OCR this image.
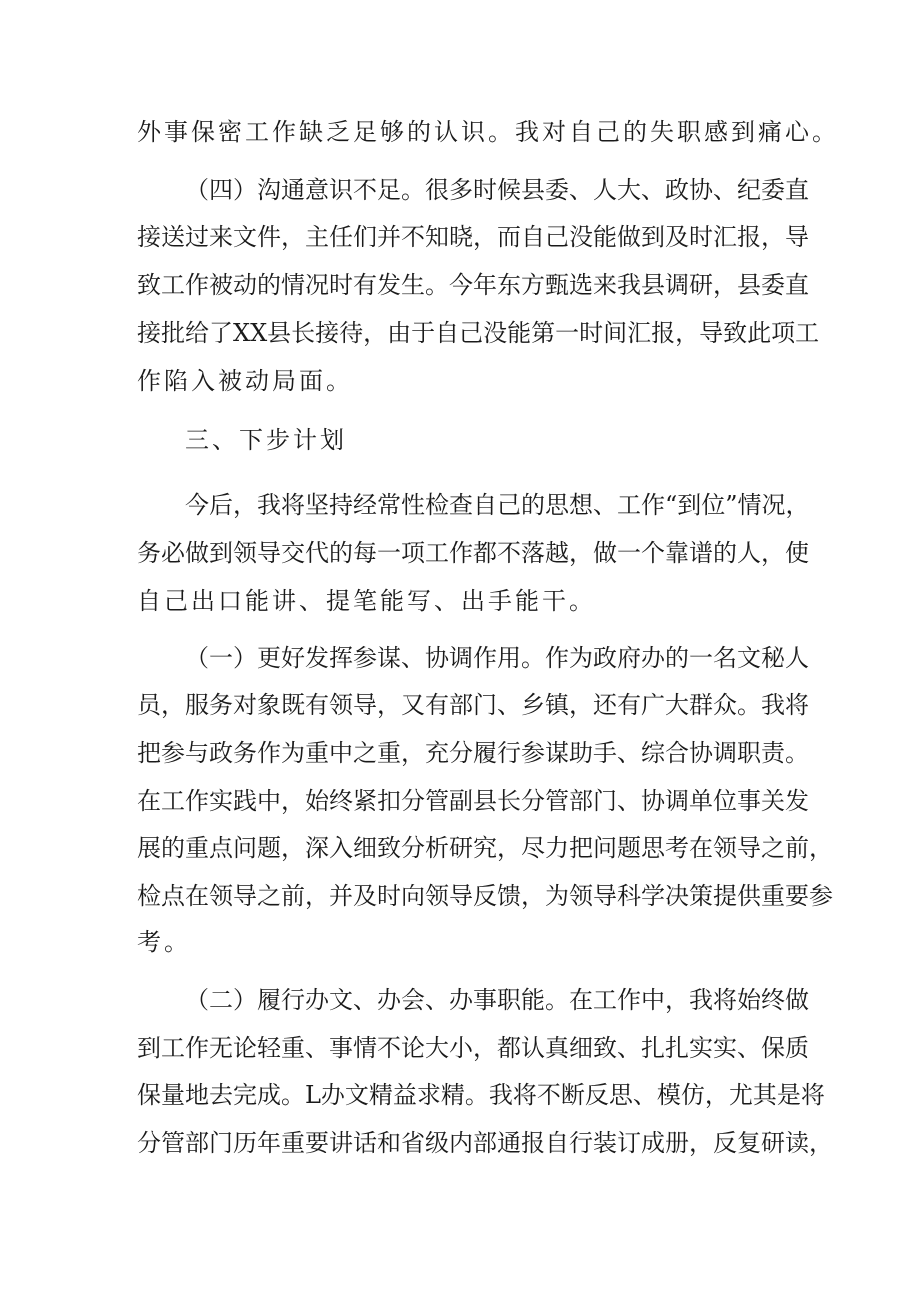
外事保密工作缺乏足够的认识。我对自己的失职感到痛心。
（四）沟通意识不足。很多时候县委、人大、政协、纪委直
接送过来文件，主任们并不知晓，而自己没能做到及时汇报，导
致工作被动的情况时有发生。今年东方甄选来我县调研，县委直
接批给了XX县长接待，由于自己没能第一时间汇报，导致此项工
作陷入被动局面。
三、下步计划
今后，我将坚持经常性检查自己的思想、工作“到位”情况，
务必做到领导交代的每一项工作都不落越，做一个靠谱的人，使
自己出口能讲、提笔能写、出手能干。
（一）更好发挥参谋、协调作用。作为政府办的一名文秘人
员，服务对象既有领导，又有部门、乡镇，还有广大群众。我将
把参与政务作为重中之重，充分履行参谋助手、综合协调职责。
在工作实践中，始终紧扣分管副县长分管部门、协调单位事关发
展的重点问题，深入细致分析研究，尽力把问题思考在领导之前，
检点在领导之前，并及时向领导反馈，为领导科学决策提供重要参
考。
（二）履行办文、办会、办事职能。在工作中，我将始终做
到工作无论轻重、事情不论大小，都认真细致、扎扎实实、保质
保量地去完成。L办文精益求精。我将不断反思、模仿，尤其是将
分管部门历年重要讲话和省级内部通报自行装订成册，反复研读，
